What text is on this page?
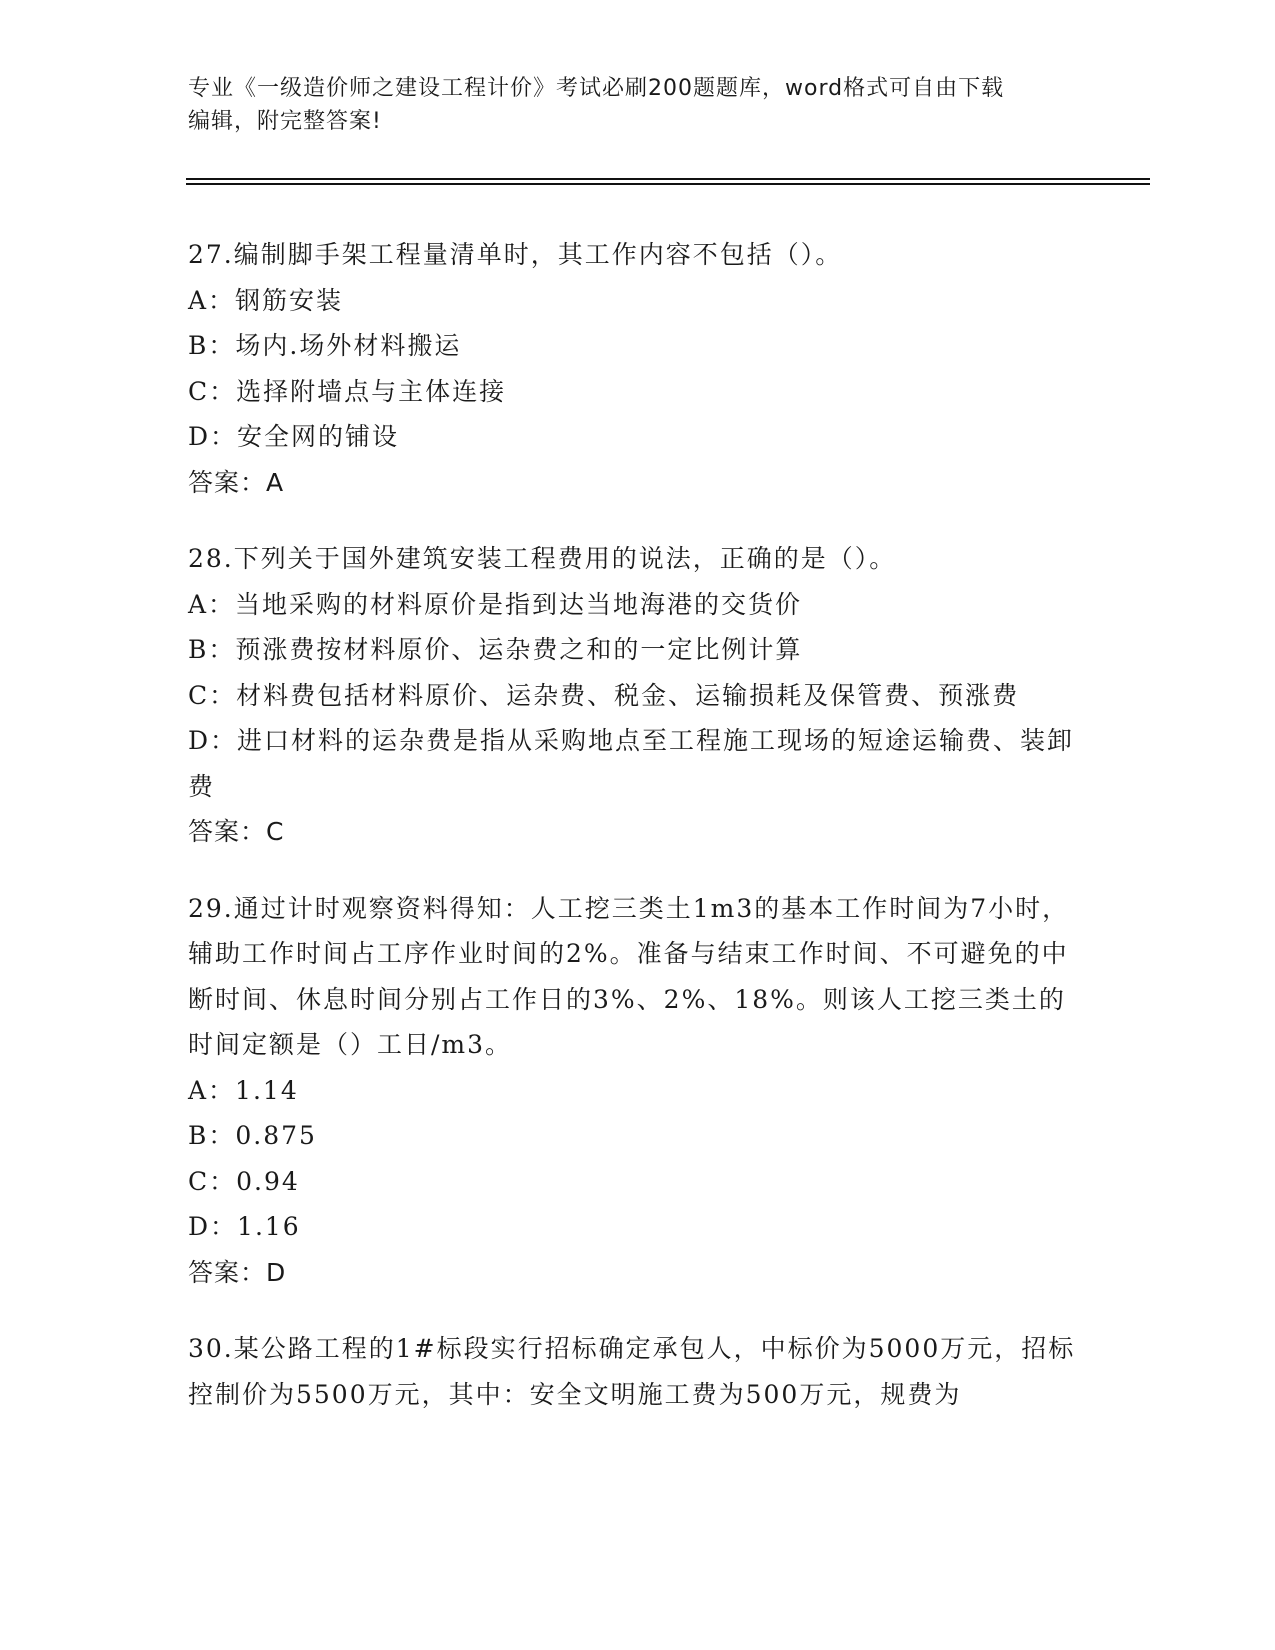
专业《一级造价师之建设工程计价》考试必刷200题题库，word格式可自由下载
编辑，附完整答案!
27.编制脚手架工程量清单时，其工作内容不包括（）。
A：钢筋安装
B：场内.场外材料搬运
C：选择附墙点与主体连接
D：安全网的铺设
答案：A
28.下列关于国外建筑安装工程费用的说法，正确的是（）。
A：当地采购的材料原价是指到达当地海港的交货价
B：预涨费按材料原价、运杂费之和的一定比例计算
C：材料费包括材料原价、运杂费、税金、运输损耗及保管费、预涨费
D：进口材料的运杂费是指从采购地点至工程施工现场的短途运输费、装卸费
答案：C
29.通过计时观察资料得知：人工挖三类土1m3的基本工作时间为7小时，辅助工作时间占工序作业时间的2%。准备与结束工作时间、不可避免的中断时间、休息时间分别占工作日的3%、2%、18%。则该人工挖三类土的时间定额是（）工日/m3。
A：1.14
B：0.875
C：0.94
D：1.16
答案：D
30.某公路工程的1#标段实行招标确定承包人，中标价为5000万元，招标控制价为5500万元，其中：安全文明施工费为500万元，规费为
